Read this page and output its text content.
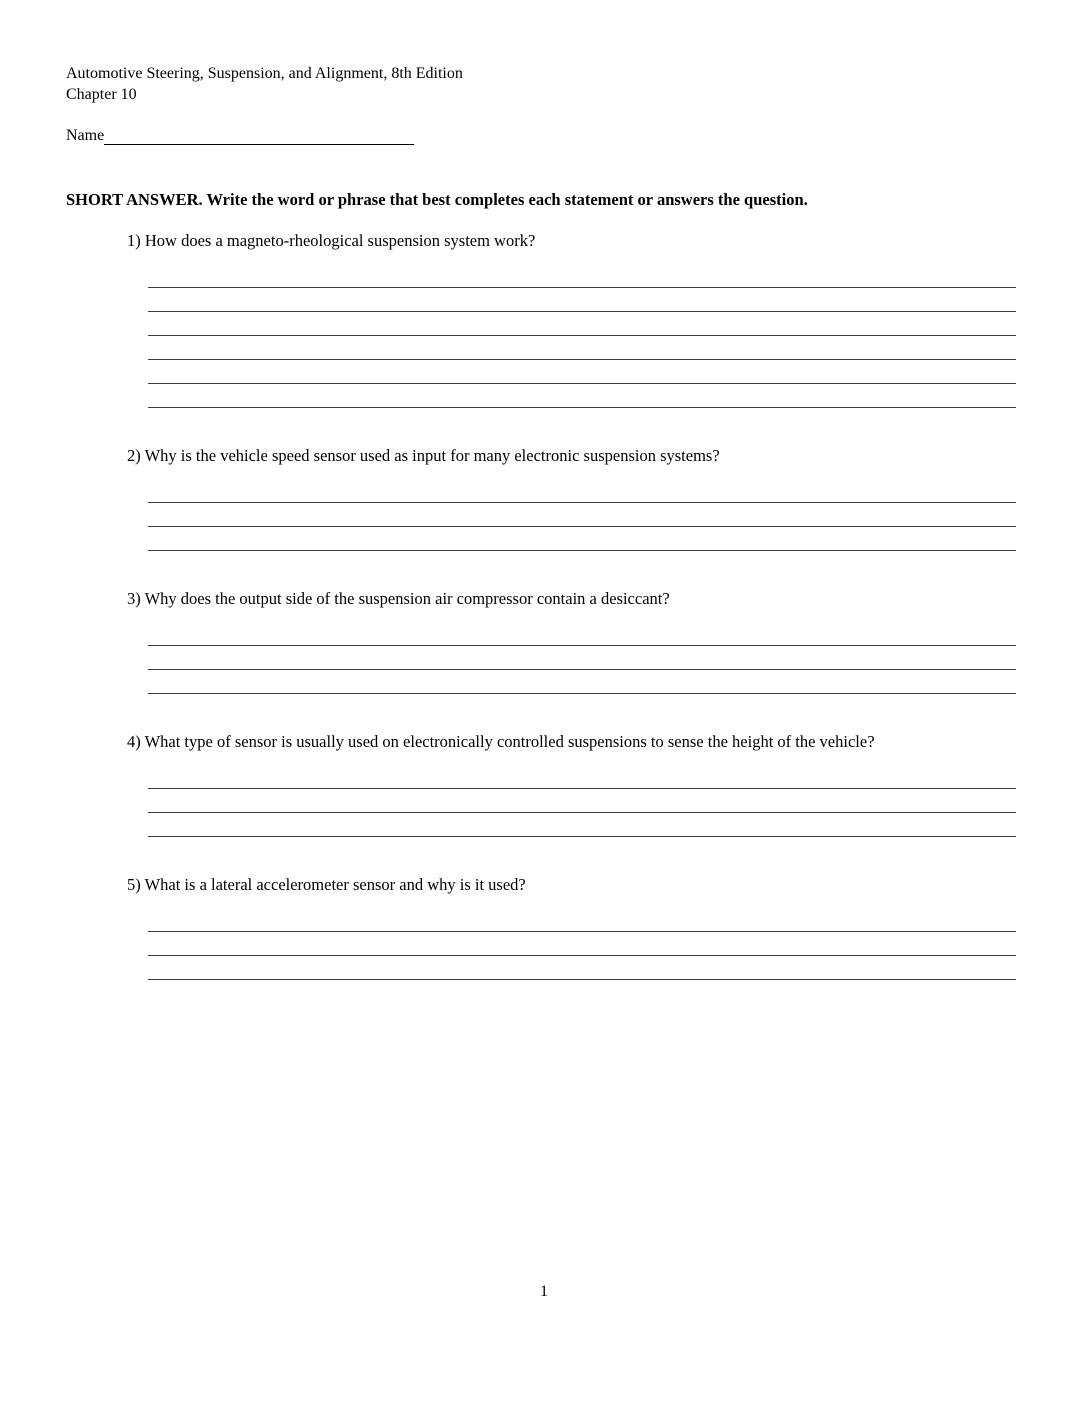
Automotive Steering, Suspension, and Alignment, 8th Edition

Chapter 10

Name

SHORT ANSWER. Write the word or phrase that best completes each statement or answers the question.

1) How does a magneto-rheological suspension system work?

2) Why is the vehicle speed sensor used as input for many electronic suspension systems?

3) Why does the output side of the suspension air compressor contain a desiccant?

4) What type of sensor is usually used on electronically controlled suspensions to sense the height of the vehicle?

5) What is a lateral accelerometer sensor and why is it used?

1
